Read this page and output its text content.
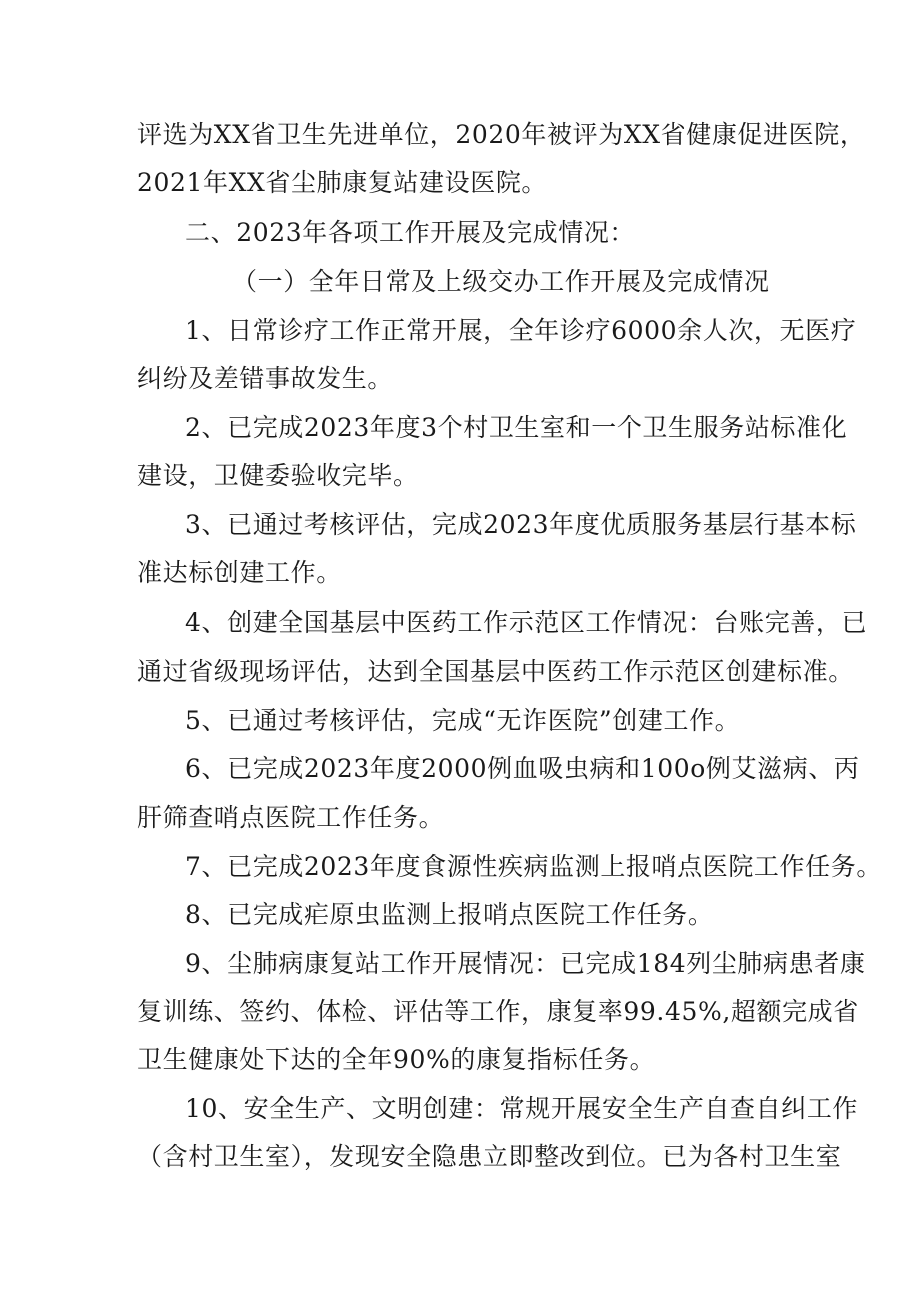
评选为XX省卫生先进单位，2020年被评为XX省健康促进医院，
2021年XX省尘肺康复站建设医院。
二、2023年各项工作开展及完成情况：
（一）全年日常及上级交办工作开展及完成情况
1、日常诊疗工作正常开展，全年诊疗6000余人次，无医疗
纠纷及差错事故发生。
2、已完成2023年度3个村卫生室和一个卫生服务站标准化
建设，卫健委验收完毕。
3、已通过考核评估，完成2023年度优质服务基层行基本标
准达标创建工作。
4、创建全国基层中医药工作示范区工作情况：台账完善，已
通过省级现场评估，达到全国基层中医药工作示范区创建标准。
5、已通过考核评估，完成“无诈医院”创建工作。
6、已完成2023年度2000例血吸虫病和100o例艾滋病、丙
肝筛查哨点医院工作任务。
7、已完成2023年度食源性疾病监测上报哨点医院工作任务。
8、已完成疟原虫监测上报哨点医院工作任务。
9、尘肺病康复站工作开展情况：已完成184列尘肺病患者康
复训练、签约、体检、评估等工作，康复率99.45%,超额完成省
卫生健康处下达的全年90%的康复指标任务。
10、安全生产、文明创建：常规开展安全生产自查自纠工作
（含村卫生室），发现安全隐患立即整改到位。已为各村卫生室
